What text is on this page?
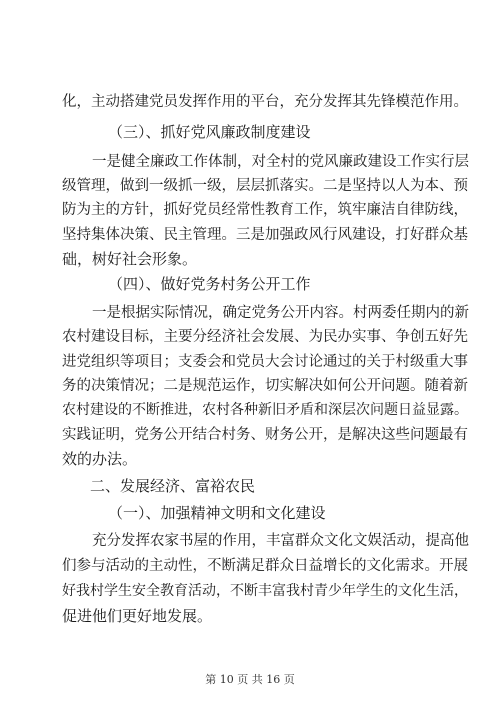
化，主动搭建党员发挥作用的平台，充分发挥其先锋模范作用。
（三）、抓好党风廉政制度建设
一是健全廉政工作体制，对全村的党风廉政建设工作实行层
级管理，做到一级抓一级，层层抓落实。二是坚持以人为本、预
防为主的方针，抓好党员经常性教育工作，筑牢廉洁自律防线，
坚持集体决策、民主管理。三是加强政风行风建设，打好群众基
础，树好社会形象。
（四）、做好党务村务公开工作
一是根据实际情况，确定党务公开内容。村两委任期内的新
农村建设目标，主要分经济社会发展、为民办实事、争创五好先
进党组织等项目；支委会和党员大会讨论通过的关于村级重大事
务的决策情况；二是规范运作，切实解决如何公开问题。随着新
农村建设的不断推进，农村各种新旧矛盾和深层次问题日益显露。
实践证明，党务公开结合村务、财务公开，是解决这些问题最有
效的办法。
二、发展经济、富裕农民
（一）、加强精神文明和文化建设
充分发挥农家书屋的作用，丰富群众文化文娱活动，提高他
们参与活动的主动性，不断满足群众日益增长的文化需求。开展
好我村学生安全教育活动，不断丰富我村青少年学生的文化生活，
促进他们更好地发展。
第 10 页 共 16 页
